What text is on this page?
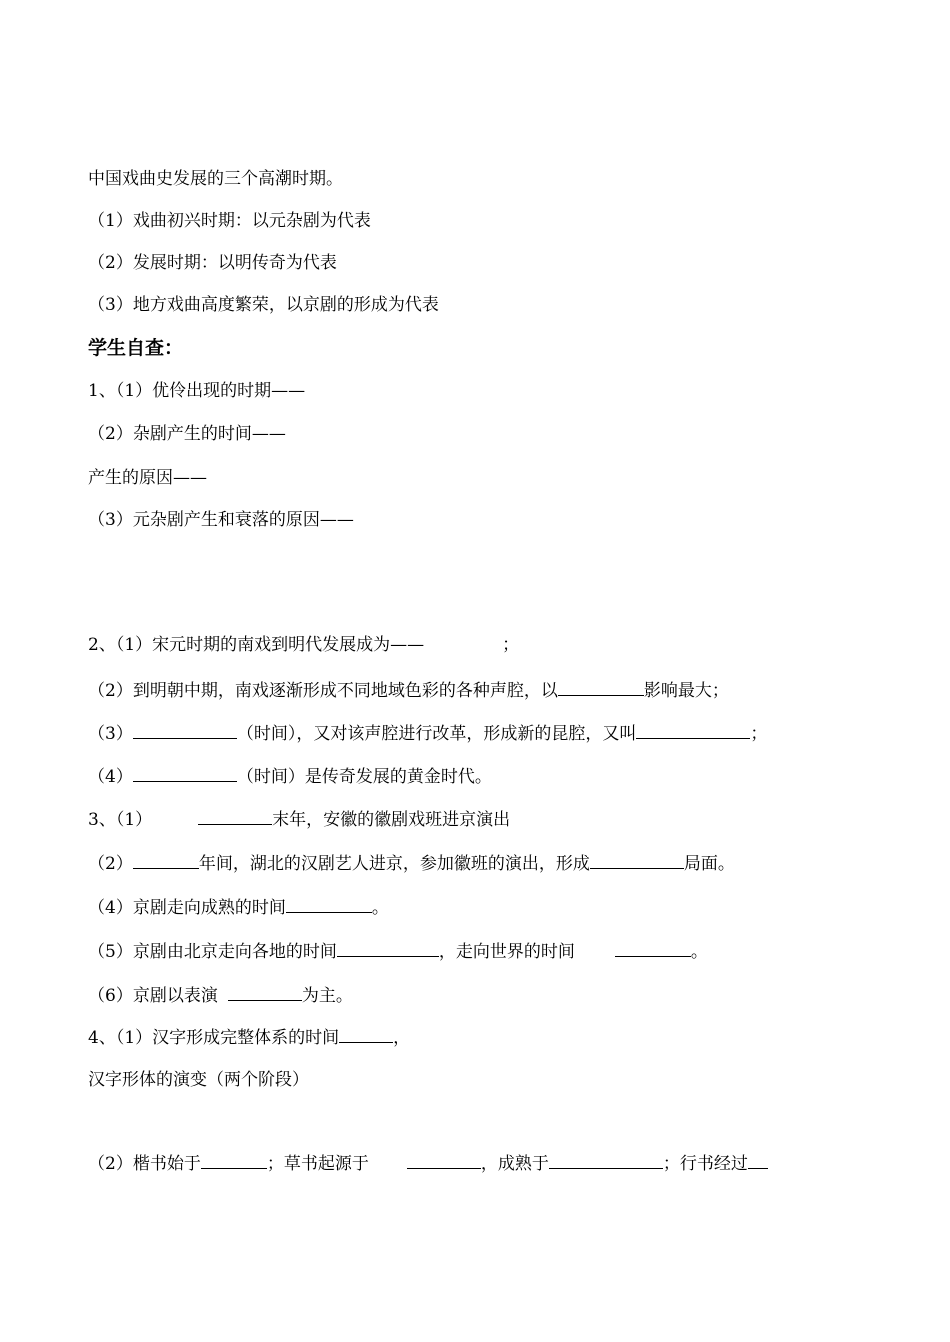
中国戏曲史发展的三个高潮时期。
（1）戏曲初兴时期：以元杂剧为代表
（2）发展时期：以明传奇为代表
（3）地方戏曲高度繁荣，以京剧的形成为代表
学生自查：
1、（1）优伶出现的时期——
（2）杂剧产生的时间——
产生的原因——
（3）元杂剧产生和衰落的原因——
2、（1）宋元时期的南戏到明代发展成为——	；
（2）到明朝中期，南戏逐渐形成不同地域色彩的各种声腔，以	影响最大；
（3）	（时间），又对该声腔进行改革，形成新的昆腔，又叫	；
（4）	（时间）是传奇发展的黄金时代。
3、（1）	末年，安徽的徽剧戏班进京演出
（2）	年间，湖北的汉剧艺人进京，参加徽班的演出，形成	局面。
（4）京剧走向成熟的时间	。
（5）京剧由北京走向各地的时间	，走向世界的时间	。
（6）京剧以表演	为主。
4、（1）汉字形成完整体系的时间	，
汉字形体的演变（两个阶段）
（2）楷书始于	；草书起源于	，成熟于	；行书经过
